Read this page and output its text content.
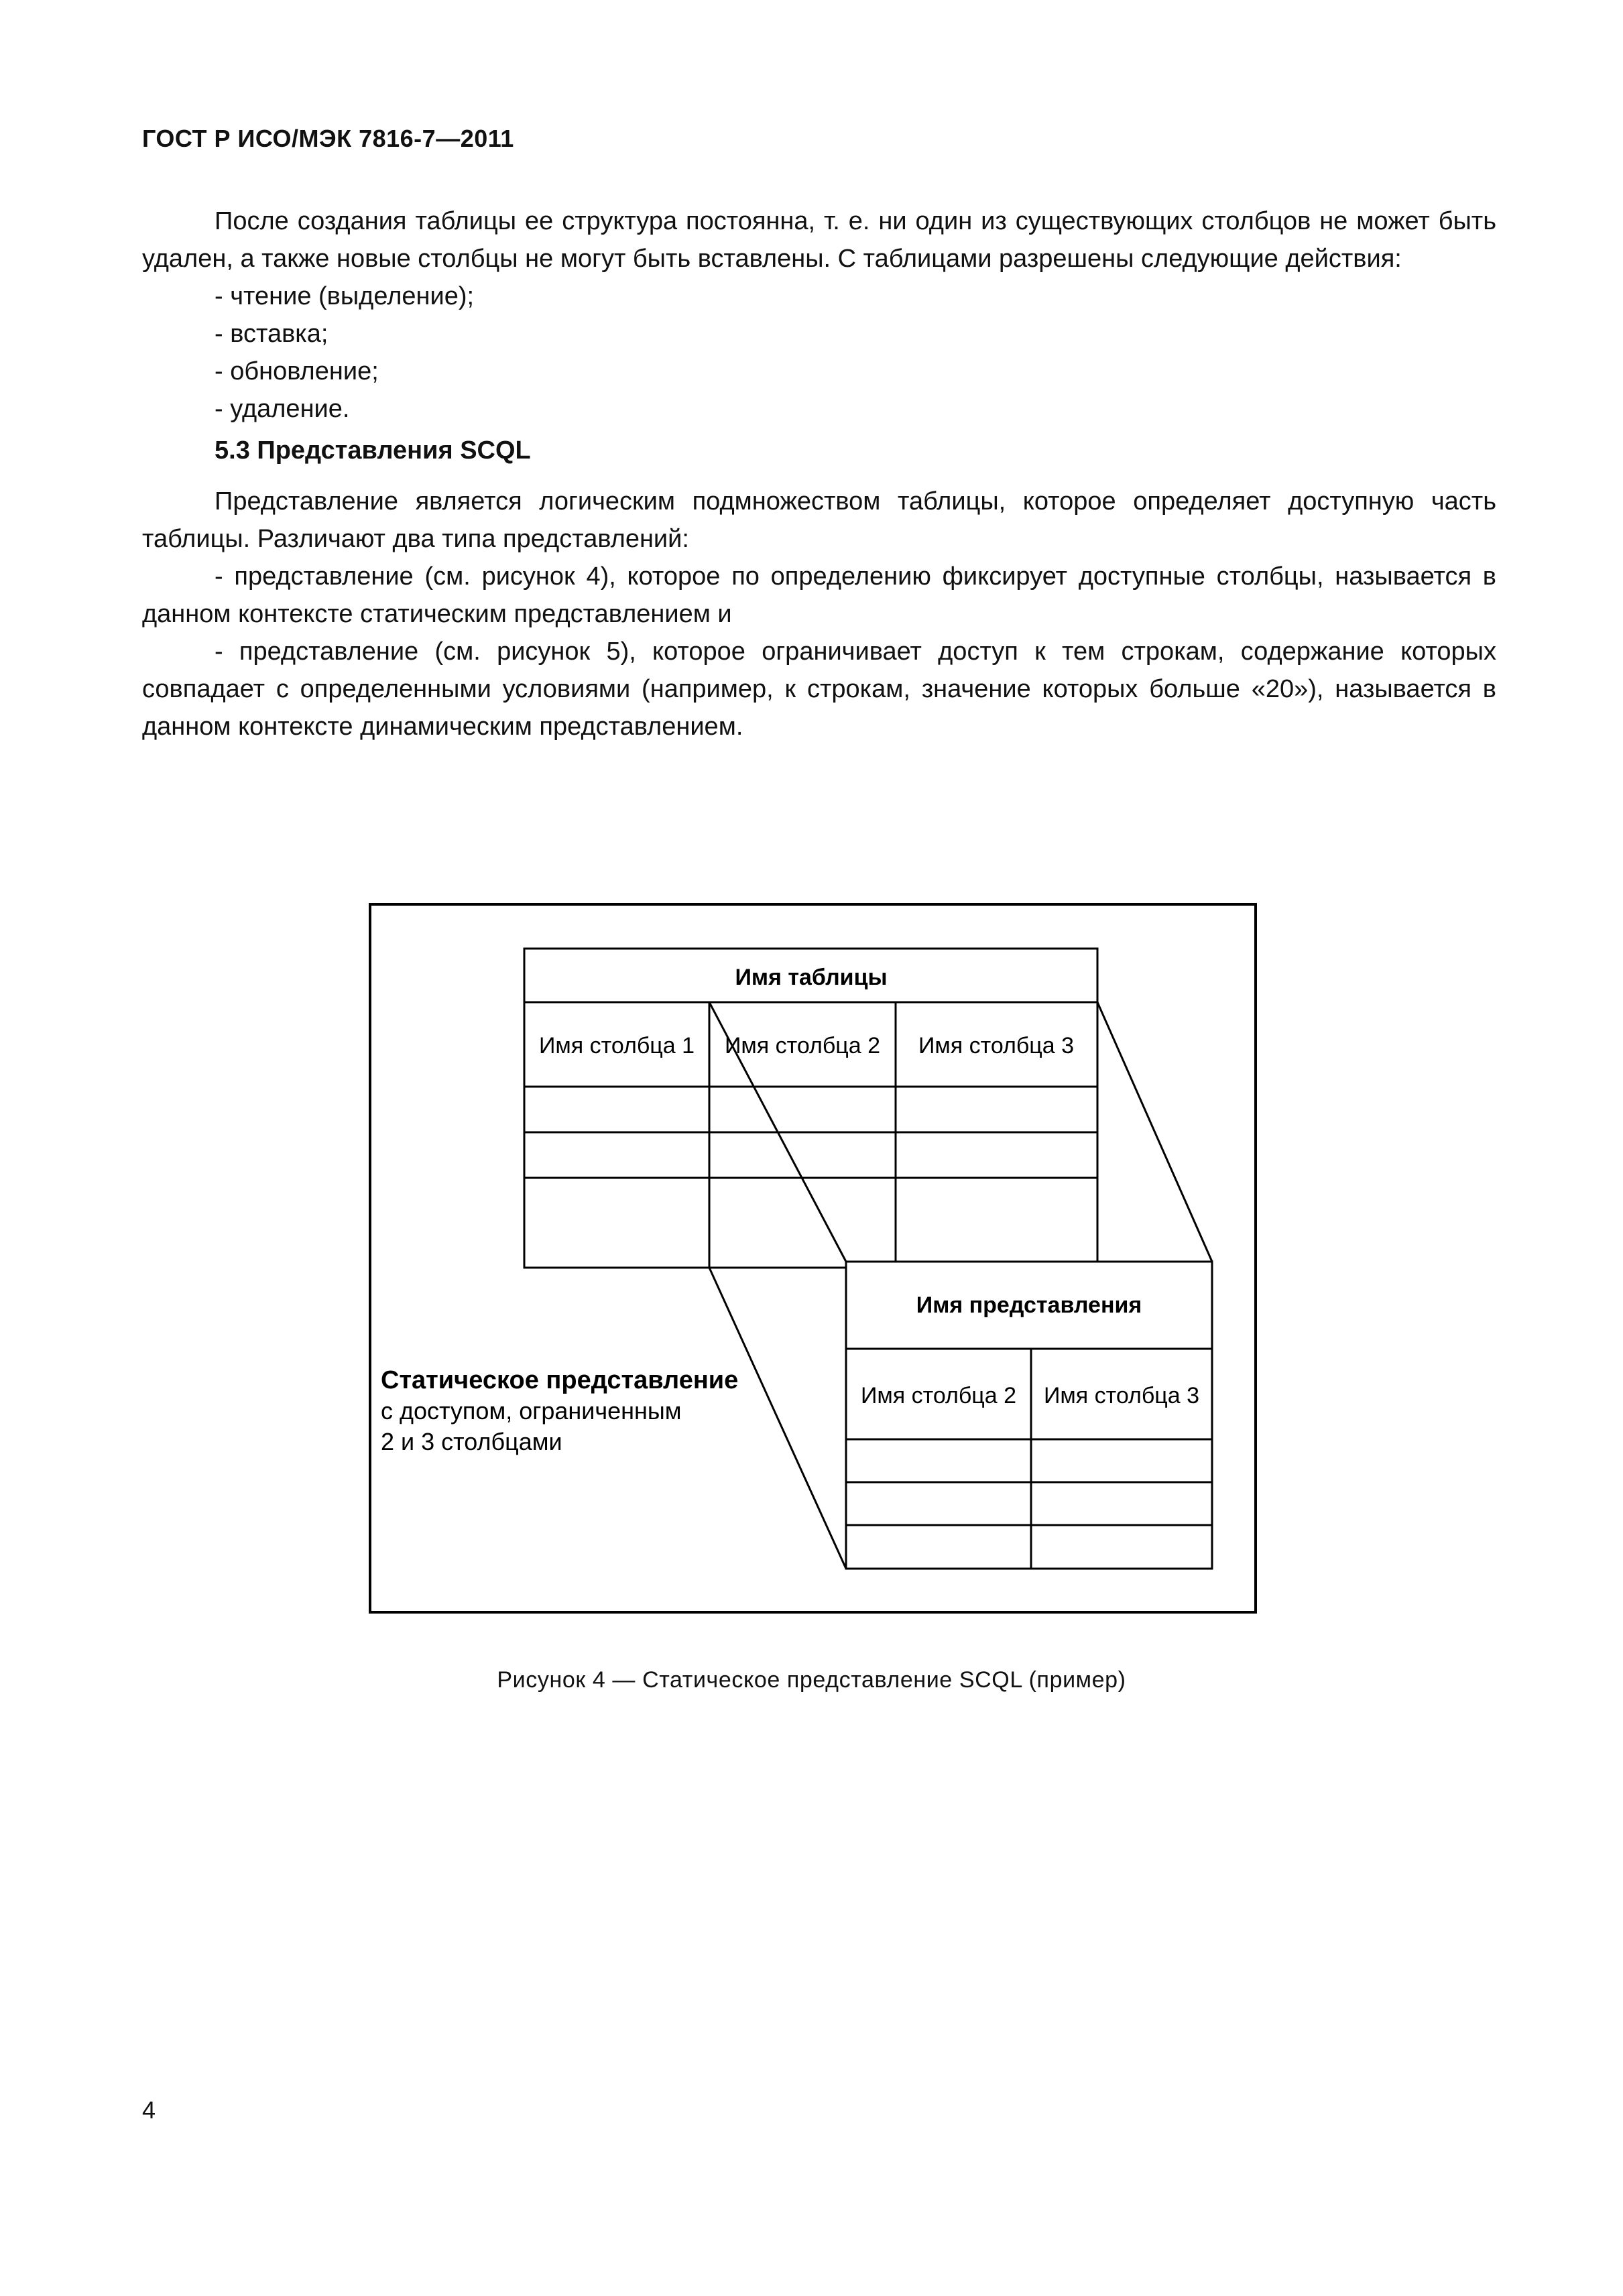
ГОСТ Р ИСО/МЭК 7816-7—2011

После создания таблицы ее структура постоянна, т. е. ни один из существующих столбцов не может быть удален, а также новые столбцы не могут быть вставлены. С таблицами разрешены следующие действия:

- чтение (выделение);

- вставка;

- обновление;

- удаление.

5.3 Представления SCQL

Представление является логическим подмножеством таблицы, которое определяет доступную часть таблицы. Различают два типа представлений:

- представление (см. рисунок 4), которое по определению фиксирует доступные столбцы, называется в данном контексте статическим представлением и

- представление (см. рисунок 5), которое ограничивает доступ к тем строкам, содержание которых совпадает с определенными условиями (например, к строкам, значение которых больше «20»), называется в данном контексте динамическим представлением.

Имя таблицы
Имя столбца 1 Имя столбца 2 Имя столбца 3
Имя представления
Имя столбца 2 Имя столбца 3
Статическое представление
с доступом, ограниченным
2 и 3 столбцами
Рисунок 4 — Статическое представление SCQL (пример)
4
